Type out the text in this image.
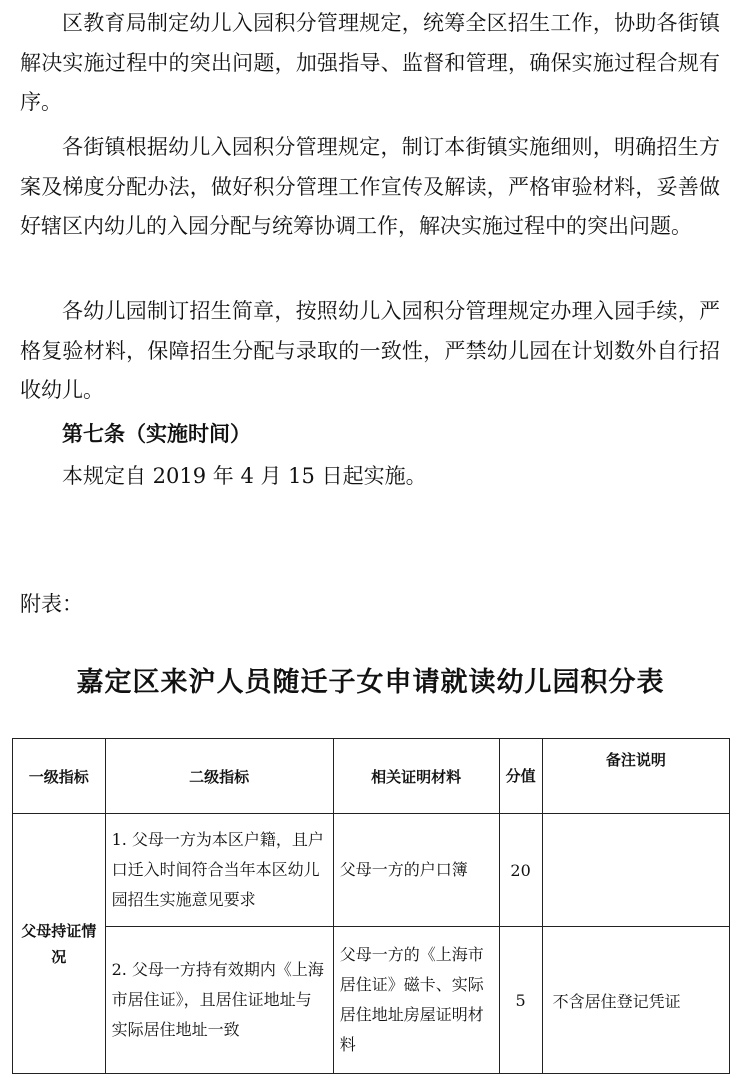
区教育局制定幼儿入园积分管理规定，统筹全区招生工作，协助各街镇解决实施过程中的突出问题，加强指导、监督和管理，确保实施过程合规有序。

各街镇根据幼儿入园积分管理规定，制订本街镇实施细则，明确招生方案及梯度分配办法，做好积分管理工作宣传及解读，严格审验材料，妥善做好辖区内幼儿的入园分配与统筹协调工作，解决实施过程中的突出问题。

各幼儿园制订招生简章，按照幼儿入园积分管理规定办理入园手续，严格复验材料，保障招生分配与录取的一致性，严禁幼儿园在计划数外自行招收幼儿。

第七条（实施时间）

本规定自 2019 年 4 月 15 日起实施。

附表：

嘉定区来沪人员随迁子女申请就读幼儿园积分表
一级指标	二级指标	相关证明材料	分值	备注说明
父母持证情况	1. 父母一方为本区户籍，且户口迁入时间符合当年本区幼儿园招生实施意见要求	父母一方的户口簿	20	
	2. 父母一方持有效期内《上海市居住证》，且居住证地址与实际居住地址一致	父母一方的《上海市居住证》磁卡、实际居住地址房屋证明材料	5	不含居住登记凭证
